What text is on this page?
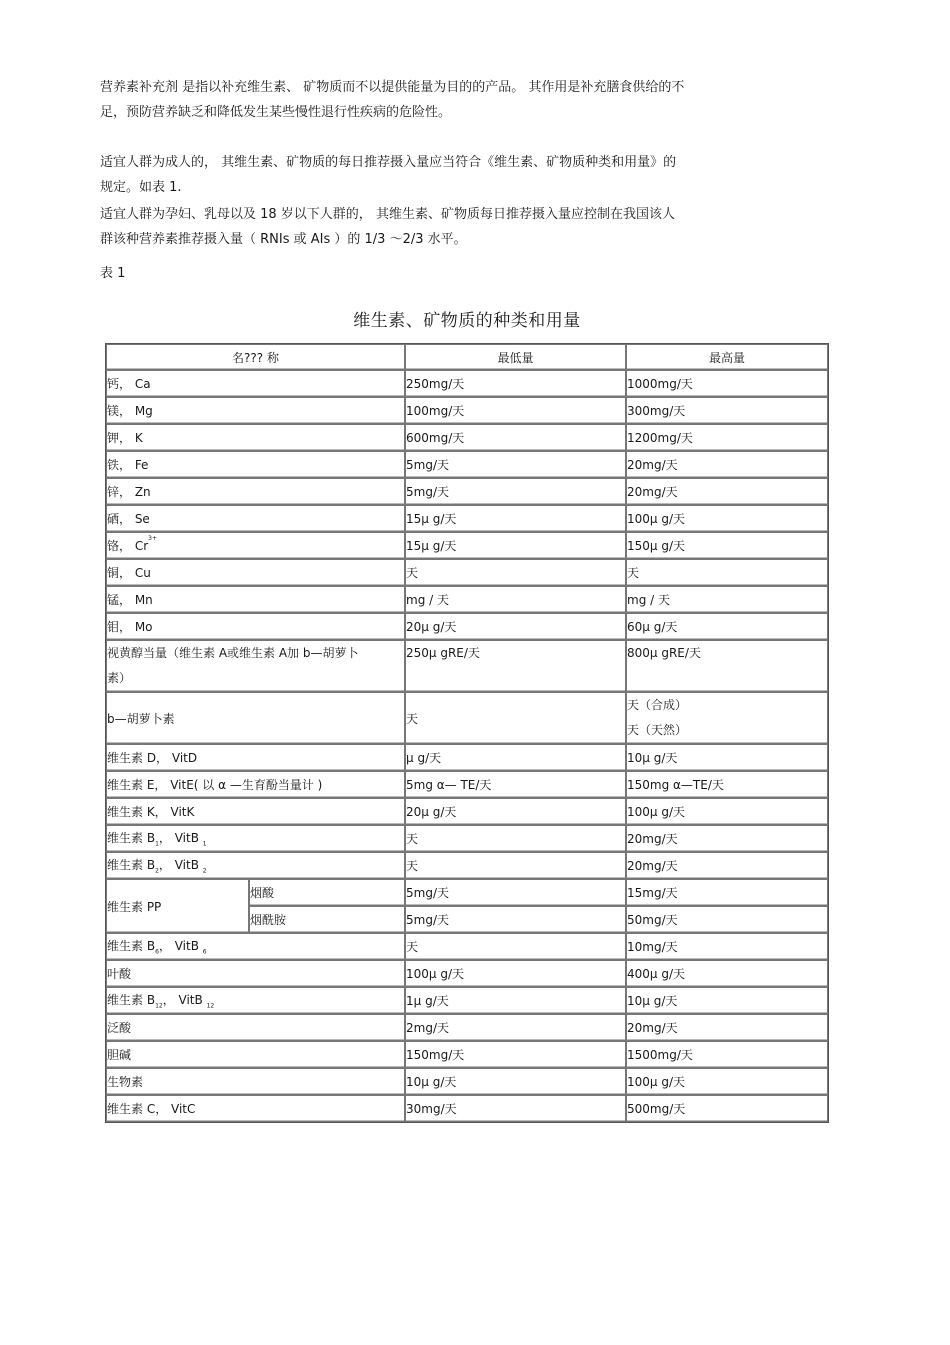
营养素补充剂 是指以补充维生素、 矿物质而不以提供能量为目的的产品。 其作用是补充膳食供给的不
足，预防营养缺乏和降低发生某些慢性退行性疾病的危险性。
适宜人群为成人的， 其维生素、矿物质的每日推荐摄入量应当符合《维生素、矿物质种类和用量》的
规定。如表 1.
适宜人群为孕妇、乳母以及 18 岁以下人群的， 其维生素、矿物质每日推荐摄入量应控制在我国该人
群该种营养素推荐摄入量（ RNIs 或 AIs ）的 1/3 ～2/3 水平。
表 1
维生素、矿物质的种类和用量
名??? 称		最低量	最高量
钙， Ca		250mg/天	1000mg/天
镁， Mg		100mg/天	300mg/天
钾， K		600mg/天	1200mg/天
铁， Fe		5mg/天	20mg/天
锌， Zn		5mg/天	20mg/天
硒， Se		15μ g/天	100μ g/天
铬， $Cr^{3+}$		15μ g/天	150μ g/天
铜， Cu		天	天
锰， Mn		mg / 天	mg / 天
钼， Mo		20μ g/天	60μ g/天

视黄醇当量（维生素 A或维生素 A加 b—胡萝卜
素）		250μ gRE/天	800μ gRE/天
b—胡萝卜素		天	天（合成）
天（天然）

维生素 D， VitD		μ g/天	10μ g/天
维生素 E， VitE( 以 α —生育酚当量计 )		5mg α— TE/天	150mg α—TE/天
维生素 K， VitK		20μ g/天	100μ g/天
维生素 $B_1$， VitB $_1$		天	20mg/天
维生素 $B_2$， VitB $_2$		天	20mg/天
维生素 PP	烟酸	5mg/天	15mg/天
	烟酰胺	5mg/天	50mg/天
维生素 $B_6$， VitB $_6$		天	10mg/天
叶酸		100μ g/天	400μ g/天
维生素 $B_{12}$， VitB $_{12}$		1μ g/天	10μ g/天
泛酸		2mg/天	20mg/天
胆碱		150mg/天	1500mg/天
生物素		10μ g/天	100μ g/天
维生素 C， VitC		30mg/天	500mg/天
